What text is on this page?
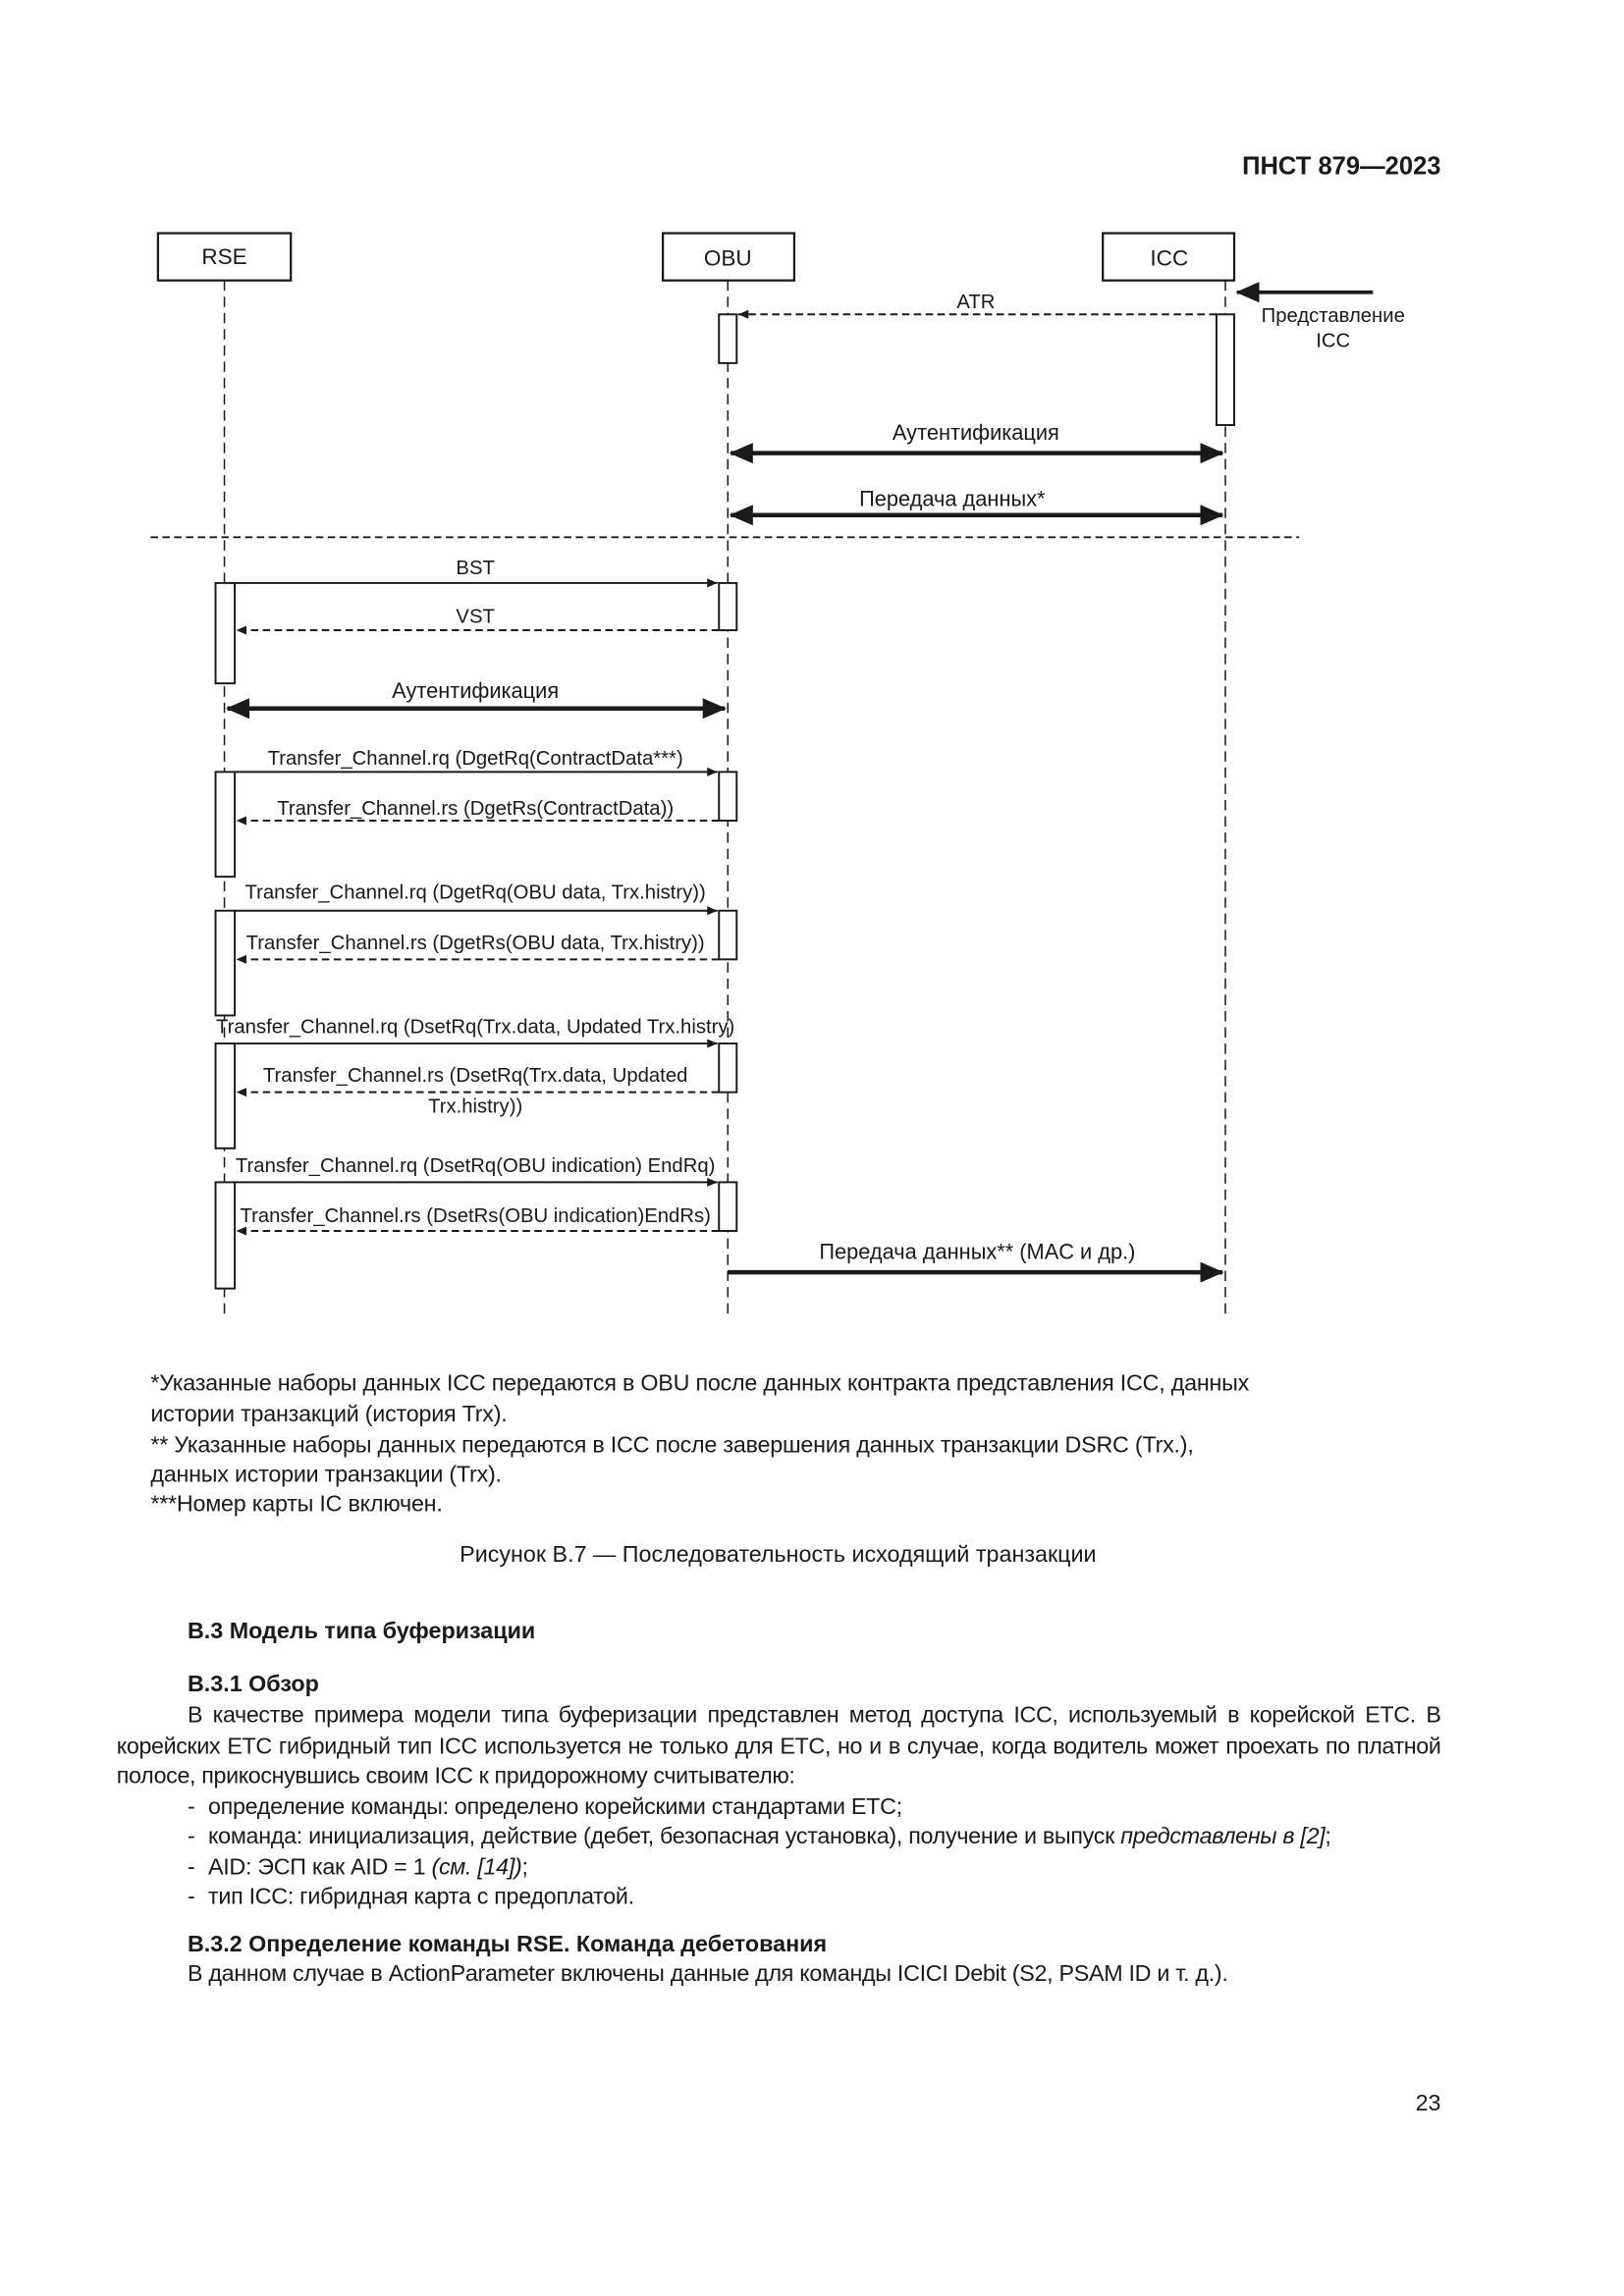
ПНСТ 879—2023
RSE	OBU	ICC
Представление
ICC
ATR
Аутентификация
Передача данных*
BST
VST
Аутентификация
Transfer_Channel.rq (DgetRq(ContractData***)
Transfer_Channel.rs (DgetRs(ContractData))
Transfer_Channel.rq (DgetRq(OBU data, Trx.histry))
Transfer_Channel.rs (DgetRs(OBU data, Trx.histry))
Transfer_Channel.rq (DsetRq(Trx.data, Updated Trx.histry)
Transfer_Channel.rs (DsetRq(Trx.data, Updated
Trx.histry))
Transfer_Channel.rq (DsetRq(OBU indication) EndRq)
Transfer_Channel.rs (DsetRs(OBU indication)EndRs)
Передача данных** (MAC и др.)
*Указанные наборы данных ICC передаются в OBU после данных контракта представления ICC, данных
истории транзакций (история Trx).
** Указанные наборы данных передаются в ICC после завершения данных транзакции DSRC (Trx.),
данных истории транзакции (Trx).
***Номер карты IC включен.
Рисунок В.7 — Последовательность исходящий транзакции
В.3 Модель типа буферизации
В.3.1 Обзор
В качестве примера модели типа буферизации представлен метод доступа ICC, используемый в корейской ETC. В корейских ETC гибридный тип ICC используется не только для ETC, но и в случае, когда водитель может проехать по платной полосе, прикоснувшись своим ICC к придорожному считывателю:
- определение команды: определено корейскими стандартами ETC;
- команда: инициализация, действие (дебет, безопасная установка), получение и выпуск представлены в [2];
- AID: ЭСП как AID = 1 (см. [14]);
- тип ICC: гибридная карта с предоплатой.
В.3.2 Определение команды RSE. Команда дебетования
В данном случае в ActionParameter включены данные для команды ICICI Debit (S2, PSAM ID и т. д.).
23
